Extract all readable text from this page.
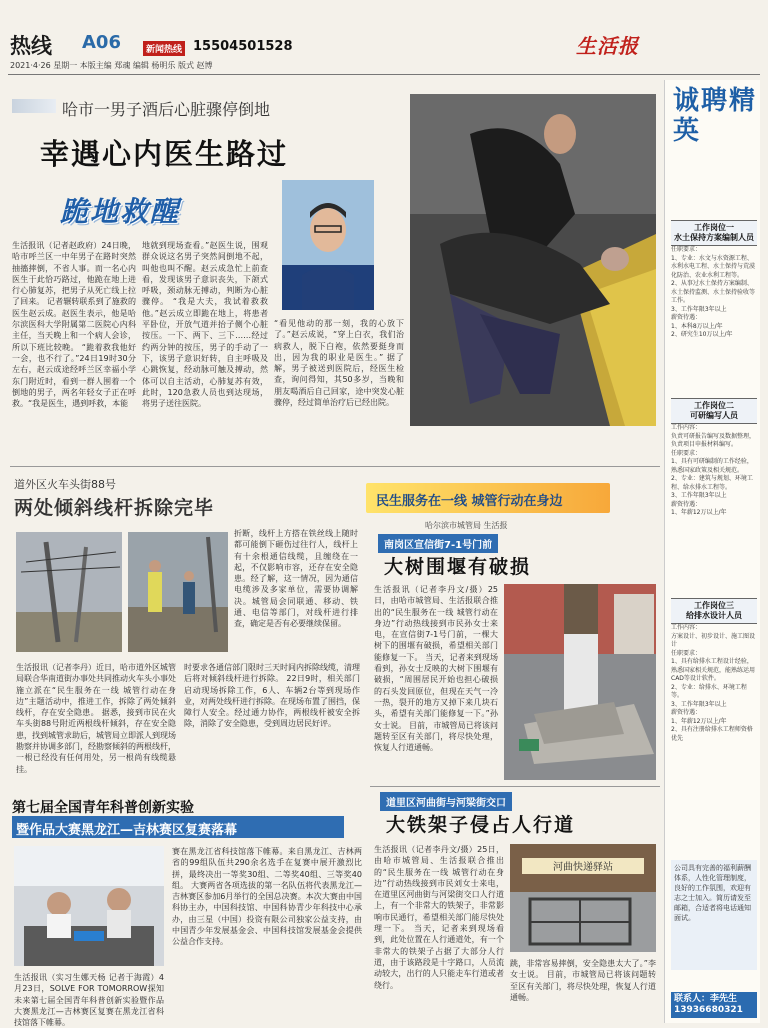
热线 A06	新闻热线 15504501528	生活报
2021·4·26 星期一 本版主编 郑魂 编辑 杨明乐 版式 赵博
哈市一男子酒后心脏骤停倒地
幸遇心内医生路过
跪地救醒

生活报讯（记者赵政府）24日晚，哈市呼兰区一中年男子在路时突然抽搐摔倒，不省人事。而一名心内医生于此恰巧路过，他跪在地上进行心肺复苏，把男子从死亡线上拉了回来。 记者辗转联系到了施救的医生赵云成。赵医生表示，他是哈尔滨医科大学附属第二医院心内科主任，当天晚上和一个病人会诊，所以下班比较晚。 “跪着救我他好一会，也不行了。”24日19时30分左右，赵云成途经呼兰区幸福小学东门附近时，看到一群人围着一个倒地的男子，两名年轻女子正在呼救。“我是医生，遇到呼救，本能

地就到现场查看。”赵医生说，围观群众说这名男子突然间倒地不起，叫他也叫不醒。赵云成急忙上前查看，发现该男子意识丧失，下颌式呼吸，颈动脉无搏动，判断为心脏骤停。 “我是大夫，我试着救救他。”赵云成立即跪在地上，将患者平卧位，开放气道并抬子侧个心脏按压。一下、两下、三下……经过约两分钟的按压，男子的手动了一下，该男子意识好转，自主呼吸及心跳恢复，经动脉可触及搏动，然体可以自主活动，心肺复苏有效，此时，120急救人员也到达现场，将男子送往医院。

“看见他动的那一刻，我的心放下了。”赵云成说，“穿上白衣，我们治病救人，脱下白袍，依然要挺身而出，因为我的职业是医生。” 据了解，男子被送到医院后，经医生检查，询问得知，其50多岁，当晚和朋友喝酒后自己回家，途中突发心脏骤停，经过简单治疗后已经出院。

道外区火车头街88号
两处倾斜线杆拆除完毕

折断，线杆上方搭在铁丝线上随时都可能倒下砸伤过往行人，线杆上有十余根通信线缆，且缠绕在一起，不仅影响市容，还存在安全隐患。经了解，这一情况，因为通信电缆涉及多家单位，需要协调解决。城管局会同联通、移动、铁通、电信等部门，对线杆进行排查，确定是否有必要继续保留。

生活报讯（记者李丹）近日，哈市道外区城管局联合华南道街办事处共同推动火车头小事处施立派在“民生服务在一线 城管行动在身边”主题活动中，推进工作，拆除了两处倾斜线杆，存在安全隐患。 据悉，接到市民在火车头街88号附近两根线杆倾斜，存在安全隐患，找到城管求助后，城管局立即派人到现场勘察并协调多部门，经勘察倾斜的两根线杆，一根已经没有任何用处，另一根尚有线缆悬挂。

时要求各通信部门限时三天时间内拆除线缆，清理后将对倾斜线杆进行拆除。 22日9时，相关部门启动现场拆除工作，6人、车辆2台等到现场作业，对两处线杆进行拆除。在现场布置了围挡，保障行人安全。经过通力协作，两根线杆被安全拆除，消除了安全隐患，受到周边居民好评。

民生服务在一线 城管行动在身边
哈尔滨市城管局 生活报
南岗区宣信街7-1号门前
大树围堰有破损

生活报讯（记者李丹文/摄）25日，由哈市城管局、生活报联合推出的“民生服务在一线 城管行动在身边”行动热线接到市民孙女士来电，在宣信街7-1号门前，一棵大树下的围堰有破损，希望相关部门能修复一下。 当天，记者来到现场看到，孙女士反映的大树下围堰有破损，“周围居民开始也担心破损的石头发回原位，但现在天气一冷一热，裂开的地方又掉下来几块石头，希望有关部门能修复一下。”孙女士说。 目前，市城管局已将该问题转至区有关部门，将尽快处理，恢复人行道通畅。

道里区河曲街与河梁街交口
大铁架子侵占人行道

生活报讯（记者李丹文/摄）25日，由哈市城管局、生活报联合推出的“民生服务在一线 城管行动在身边”行动热线接到市民刘女士来电，在道里区河曲街与河梁街交口人行道上，有一个非常大的铁架子，非常影响市民通行，希望相关部门能尽快处理一下。 当天，记者来到现场看到，此处位置在人行通道处，有一个非常大的铁架子占据了大部分人行道，由于该路段是十字路口，人员流动较大，出行的人只能走车行道或者绕行。

河曲快递驿站

跳，非常容易摔倒，安全隐患太大了。”李女士说。 目前，市城管局已将该问题转至区有关部门，将尽快处理，恢复人行道通畅。

第七届全国青年科普创新实验
暨作品大赛黑龙江—吉林赛区复赛落幕

生活报讯（实习生娜天杨 记者于海霞）4月23日，SOLVE FOR TOMORROW探知未来第七届全国青年科普创新实验暨作品大赛黑龙江—吉林赛区复赛在黑龙江省科技馆落下帷幕。

赛在黑龙江省科技馆落下帷幕。来自黑龙江、吉林两省的99组队伍共290余名选手在复赛中展开激烈比拼，最终决出一等奖30组、二等奖40组、三等奖40组。 大赛两省各项选拔的第一名队伍将代表黑龙江—吉林赛区参加6月举行的全国总决赛。本次大赛由中国科协主办，中国科技馆、中国科协青少年科技中心承办，由三星（中国）投资有限公司独家公益支持，由中国青少年发展基金会、中国科技馆发展基金会提供公益合作支持。

诚聘精英
工作岗位一
水土保持方案编制人员

任职要求：
1、专业：水文与水资源工程、水利水电工程、水土保持与荒漠化防治、农业水利工程等。
2、从事过水土保持方案编制、水土保持监测、水土保持验收等工作。
3、工作年限3年以上
薪资待遇：
1、本科8万以上/年
2、研究生10万以上/年

工作岗位二
可研编写人员

工作内容：
负责可研报告编写及数据整理，负责项目申报材料编写。
任职要求：
1、具有可研编制的工作经验，熟悉国家政策及相关规范。
2、专业：建筑与规划、环境工程、给水排水工程等。
3、工作年限3年以上
薪资待遇：
1、年薪12万以上/年

工作岗位三
给排水设计人员

工作内容：
方案设计、初步设计、施工图设计
任职要求：
1、具有给排水工程设计经验，熟悉国家相关规范，能熟练运用CAD等设计软件。
2、专业：给排水、环境工程等。
3、工作年限3年以上
薪资待遇：
1、年薪12万以上/年
2、具有注册给排水工程师资格优先

公司具有完善的福利薪酬体系，人性化管理制度，良好的工作氛围，欢迎有志之士加入。简历请发至邮箱，合适者将电话通知面试。

联系人：李先生
13936680321
